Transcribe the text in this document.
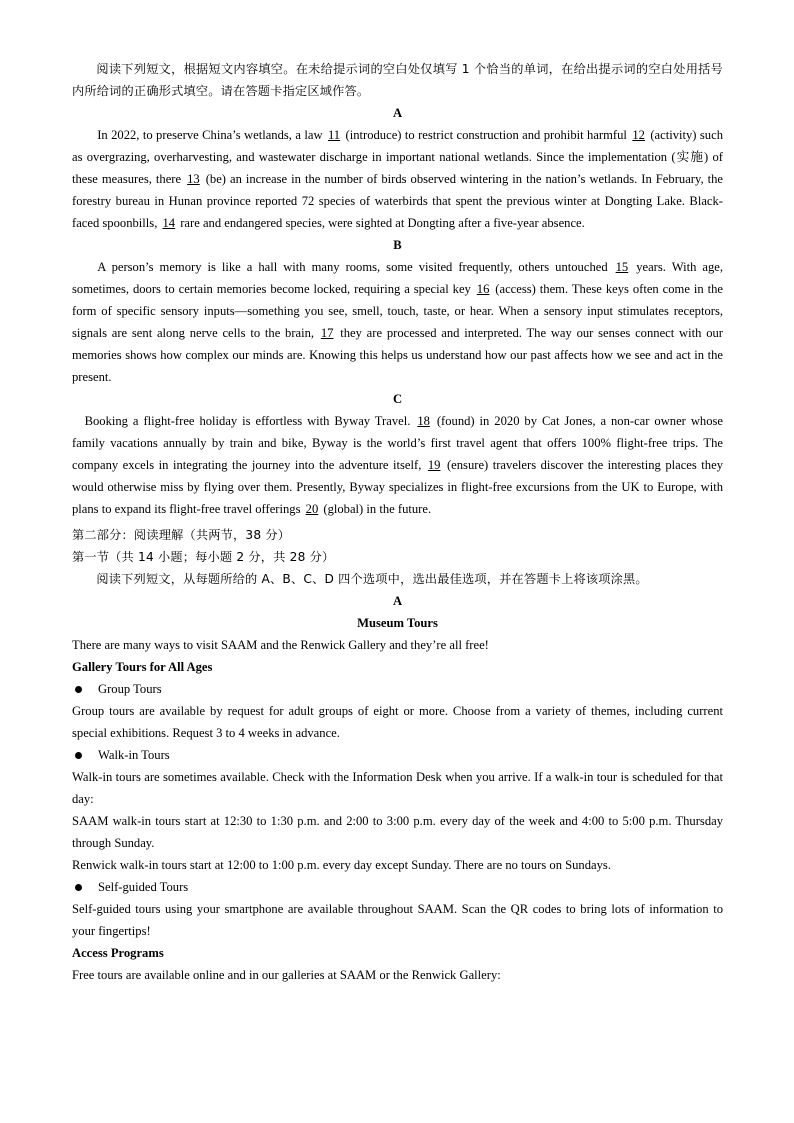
阅读下列短文，根据短文内容填空。在未给提示词的空白处仅填写 1 个恰当的单词，在给出提示词的空白处用括号内所给词的正确形式填空。请在答题卡指定区域作答。

A

In 2022, to preserve China’s wetlands, a law 11 (introduce) to restrict construction and prohibit harmful 12 (activity) such as overgrazing, overharvesting, and wastewater discharge in important national wetlands. Since the implementation (实施) of these measures, there 13 (be) an increase in the number of birds observed wintering in the nation’s wetlands. In February, the forestry bureau in Hunan province reported 72 species of waterbirds that spent the previous winter at Dongting Lake. Black-faced spoonbills, 14 rare and endangered species, were sighted at Dongting after a five-year absence.

B

A person’s memory is like a hall with many rooms, some visited frequently, others untouched 15 years. With age, sometimes, doors to certain memories become locked, requiring a special key 16 (access) them. These keys often come in the form of specific sensory inputs—something you see, smell, touch, taste, or hear. When a sensory input stimulates receptors, signals are sent along nerve cells to the brain, 17 they are processed and interpreted. The way our senses connect with our memories shows how complex our minds are. Knowing this helps us understand how our past affects how we see and act in the present.

C

Booking a flight-free holiday is effortless with Byway Travel. 18 (found) in 2020 by Cat Jones, a non-car owner whose family vacations annually by train and bike, Byway is the world’s first travel agent that offers 100% flight-free trips. The company excels in integrating the journey into the adventure itself, 19 (ensure) travelers discover the interesting places they would otherwise miss by flying over them. Presently, Byway specializes in flight-free excursions from the UK to Europe, with plans to expand its flight-free travel offerings 20 (global) in the future.

第二部分：阅读理解（共两节，38 分）

第一节（共 14 小题；每小题 2 分，共 28 分）

阅读下列短文，从每题所给的 A、B、C、D 四个选项中，选出最佳选项，并在答题卡上将该项涂黑。

A

Museum Tours

There are many ways to visit SAAM and the Renwick Gallery and they’re all free!

Gallery Tours for All Ages

Group Tours

Group tours are available by request for adult groups of eight or more. Choose from a variety of themes, including current special exhibitions. Request 3 to 4 weeks in advance.

Walk-in Tours

Walk-in tours are sometimes available. Check with the Information Desk when you arrive. If a walk-in tour is scheduled for that day:

SAAM walk-in tours start at 12:30 to 1:30 p.m. and 2:00 to 3:00 p.m. every day of the week and 4:00 to 5:00 p.m. Thursday through Sunday.

Renwick walk-in tours start at 12:00 to 1:00 p.m. every day except Sunday. There are no tours on Sundays.

Self-guided Tours

Self-guided tours using your smartphone are available throughout SAAM. Scan the QR codes to bring lots of information to your fingertips!

Access Programs

Free tours are available online and in our galleries at SAAM or the Renwick Gallery:
